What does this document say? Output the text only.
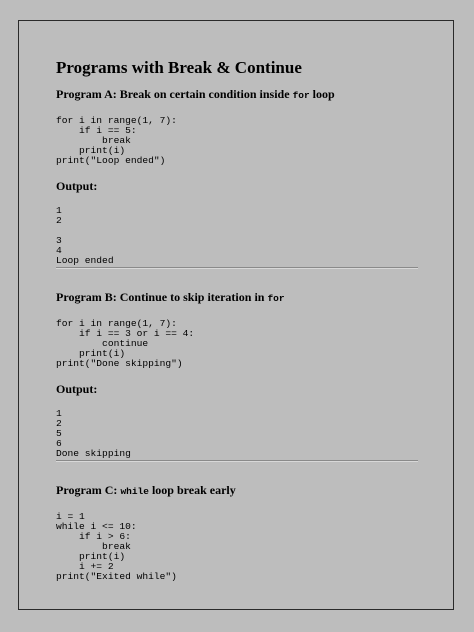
Programs with Break & Continue
Program A: Break on certain condition inside for loop
for i in range(1, 7):
if i == 5:
break
print(i)
print("Loop ended")
Output:
1
2

3
4
Loop ended
Program B: Continue to skip iteration in for
for i in range(1, 7):
if i == 3 or i == 4:
continue
print(i)
print("Done skipping")
Output:
1
2
5
6
Done skipping
Program C: while loop break early
i = 1
while i <= 10:
if i > 6:
break
print(i)
i += 2
print("Exited while")
